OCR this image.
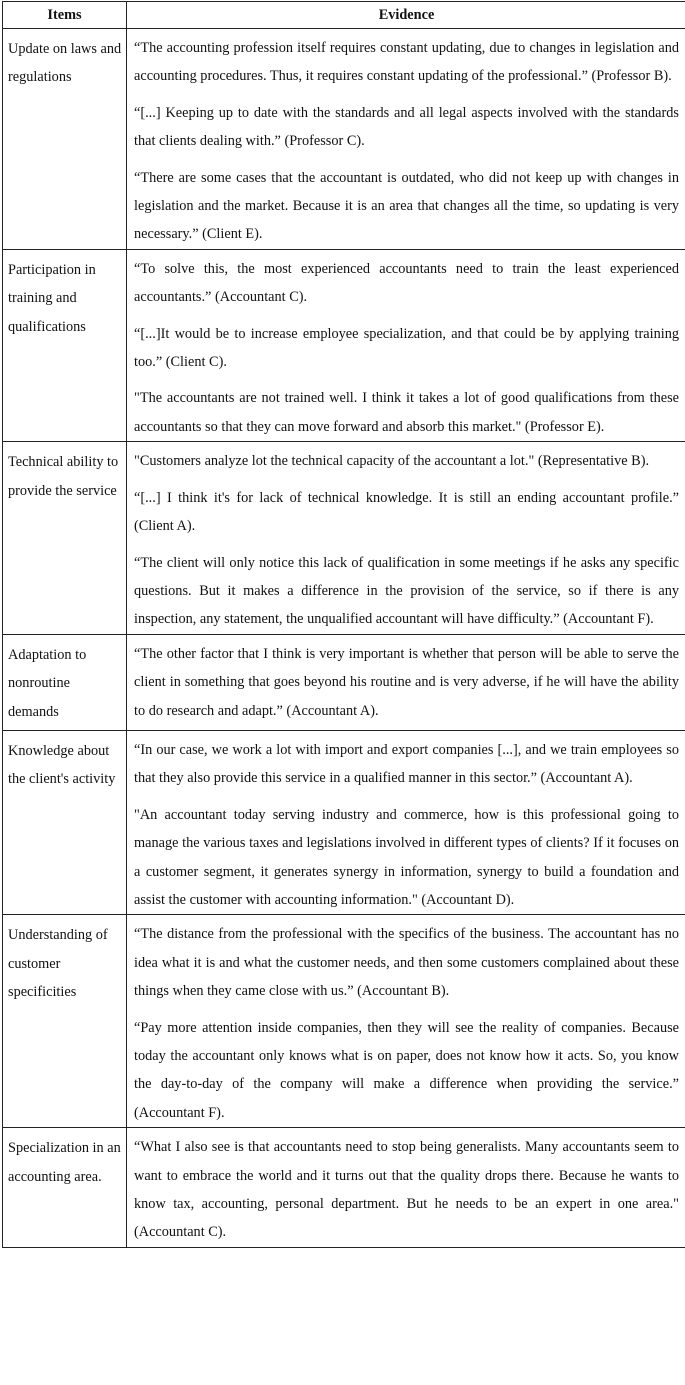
Items	Evidence
Update on laws and regulations	“The accounting profession itself requires constant updating, due to changes in legislation and accounting procedures. Thus, it requires constant updating of the professional.” (Professor B).

“[...] Keeping up to date with the standards and all legal aspects involved with the standards that clients dealing with.” (Professor C).

“There are some cases that the accountant is outdated, who did not keep up with changes in legislation and the market. Because it is an area that changes all the time, so updating is very necessary.” (Client E).

Participation in training and qualifications	“To solve this, the most experienced accountants need to train the least experienced accountants.” (Accountant C).

“[...]It would be to increase employee specialization, and that could be by applying training too.” (Client C).

"The accountants are not trained well. I think it takes a lot of good qualifications from these accountants so that they can move forward and absorb this market." (Professor E).

Technical ability to provide the service	"Customers analyze lot the technical capacity of the accountant a lot." (Representative B).

“[...] I think it's for lack of technical knowledge. It is still an ending accountant profile.” (Client A).

“The client will only notice this lack of qualification in some meetings if he asks any specific questions. But it makes a difference in the provision of the service, so if there is any inspection, any statement, the unqualified accountant will have difficulty.” (Accountant F).

Adaptation to nonroutine demands	“The other factor that I think is very important is whether that person will be able to serve the client in something that goes beyond his routine and is very adverse, if he will have the ability to do research and adapt.” (Accountant A).

Knowledge about the client's activity	“In our case, we work a lot with import and export companies [...], and we train employees so that they also provide this service in a qualified manner in this sector.” (Accountant A).

"An accountant today serving industry and commerce, how is this professional going to manage the various taxes and legislations involved in different types of clients? If it focuses on a customer segment, it generates synergy in information, synergy to build a foundation and assist the customer with accounting information." (Accountant D).

Understanding of customer specificities	“The distance from the professional with the specifics of the business. The accountant has no idea what it is and what the customer needs, and then some customers complained about these things when they came close with us.” (Accountant B).

“Pay more attention inside companies, then they will see the reality of companies. Because today the accountant only knows what is on paper, does not know how it acts. So, you know the day-to-day of the company will make a difference when providing the service.” (Accountant F).

Specialization in an accounting area.	“What I also see is that accountants need to stop being generalists. Many accountants seem to want to embrace the world and it turns out that the quality drops there. Because he wants to know tax, accounting, personal department. But he needs to be an expert in one area." (Accountant C).
